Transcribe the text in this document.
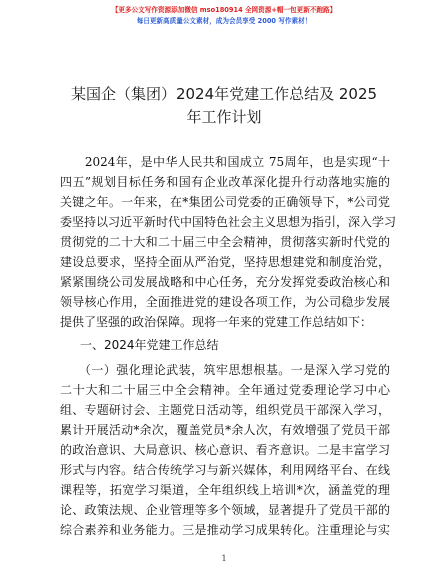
【更多公文写作资源添加微信 mso180914 全网资源+帽一包更新不跑路】
每日更新高质量公文素材，成为会员享受 2000 写作素材！
某国企（集团）2024年党建工作总结及 2025
年工作计划
　　2024年，是中华人民共和国成立 75周年，也是实现“十
四五”规划目标任务和国有企业改革深化提升行动落地实施的
关键之年。一年来，在*集团公司党委的正确领导下，*公司党
委坚持以习近平新时代中国特色社会主义思想为指引，深入学习
贯彻党的二十大和二十届三中全会精神，贯彻落实新时代党的
建设总要求，坚持全面从严治党，坚持思想建党和制度治党，
紧紧围绕公司发展战略和中心任务，充分发挥党委政治核心和
领导核心作用，全面推进党的建设各项工作，为公司稳步发展
提供了坚强的政治保障。现将一年来的党建工作总结如下：
一、2024年党建工作总结
　　（一）强化理论武装，筑牢思想根基。一是深入学习党的
二十大和二十届三中全会精神。全年通过党委理论学习中心
组、专题研讨会、主题党日活动等，组织党员干部深入学习，
累计开展活动*余次，覆盖党员*余人次，有效增强了党员干部
的政治意识、大局意识、核心意识、看齐意识。二是丰富学习
形式与内容。结合传统学习与新兴媒体，利用网络平台、在线
课程等，拓宽学习渠道，全年组织线上培训*次，涵盖党的理
论、政策法规、企业管理等多个领域，显著提升了党员干部的
综合素养和业务能力。三是推动学习成果转化。注重理论与实
1
